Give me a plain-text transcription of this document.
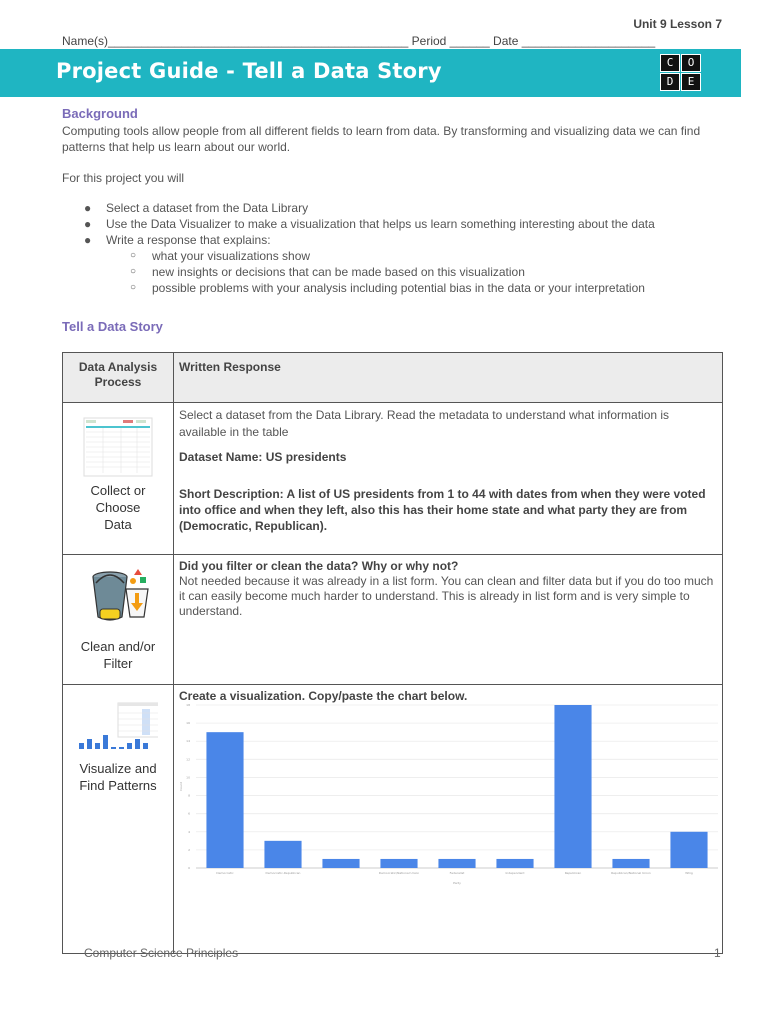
Unit 9 Lesson 7
Name(s)_____________________________________________ Period ______ Date ____________________
Project Guide - Tell a Data Story	C	O
D	E
Background
Computing tools allow people from all different fields to learn from data. By transforming and visualizing data we can find patterns that help us learn about our world.
For this project you will
● Select a dataset from the Data Library
● Use the Data Visualizer to make a visualization that helps us learn something interesting about the data
● Write a response that explains:
○ what your visualizations show
○ new insights or decisions that can be made based on this visualization
○ possible problems with your analysis including potential bias in the data or your interpretation
Tell a Data Story
Data Analysis Process	Written Response

Collect or Choose Data	Select a dataset from the Data Library. Read the metadata to understand what information is available in the table
Dataset Name: US presidents
Short Description: A list of US presidents from 1 to 44 with dates from when they were voted into office and when they left, also this has their home state and what party they are from (Democratic, Republican).

Clean and/or Filter	Did you filter or clean the data? Why or why not?
Not needed because it was already in a list form. You can clean and filter data but if you do too much it can easily become much harder to understand. This is already in list form and is very simple to understand.

Visualize and Find Patterns	Create a visualization. Copy/paste the chart below.
0
2
4
6
8
10
12
14
16
18
Democratic	Democratic-Republican	Democratic/National Union	Federalist	Independent	Republican	Republican/National Union	Whig
Party
Count
Computer Science Principles	1
